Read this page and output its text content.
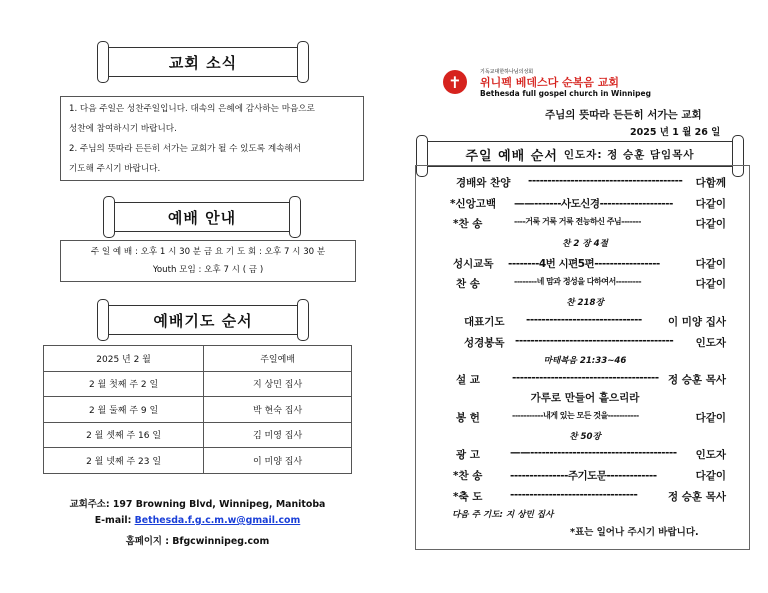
교회 소식
1. 다음 주일은 성찬주일입니다. 대속의 은혜에 감사하는 마음으로
성찬에 참여하시기 바랍니다.
2. 주님의 뜻따라 든든히 서가는 교회가 될 수 있도록 계속해서
기도해 주시기 바랍니다.
예배 안내
주 일 예 배 : 오후 1 시 30 분 금 요 기 도 회 : 오후 7 시 30 분
Youth 모임 : 오후 7 시 ( 금 )
예배기도 순서
2025 년 2 월	주일예배
2 월 첫째 주 2 일	지 상민 집사
2 월 둘째 주 9 일	박 현숙 집사
2 월 셋째 주 16 일	김 미영 집사
2 월 넷째 주 23 일	이 미양 집사
교회주소: 197 Browning Blvd, Winnipeg, Manitoba
E-mail: Bethesda.f.g.c.m.w@gmail.com
홈페이지 : Bfgcwinnipeg.com
✝
기독교대한하나님의성회
위니펙 베데스다 순복음 교회
Bethesda full gospel church in Winnipeg
주님의 뜻따라 든든히 서가는 교회
2025 년 1 월 26 일
주일 예배 순서 인도자: 정 승훈 담임목사
경배와 찬양 ---------------------------------------- 다함께
*신앙고백 ——-------사도신경------------------- 다같이
*찬 송	----거룩 거룩 거룩 전능하신 주님-------	다같이
찬 2 장 4절
성시교독 --------4번 시편5편-----------------	다같이
찬 송	--------네 맘과 정성을 다하여서---------	다같이
찬 218장
대표기도 ------------------------------ 이 미양 집사
성경봉독 ----------------------------------------- 인도자
마태복음 21:33~46
설 교	-------------------------------------- 정 승훈 목사
가루로 만들어 흩으리라
봉 헌	-----------내게 있는 모든 것을-----------	다같이
찬 50장
광 고	——-------------------------------------- 인도자
*찬 송	---------------주기도문-------------	다같이
*축 도	---------------------------------	정 승훈 목사
다음 주 기도: 지 상민 집사
*표는 일어나 주시기 바랍니다.
